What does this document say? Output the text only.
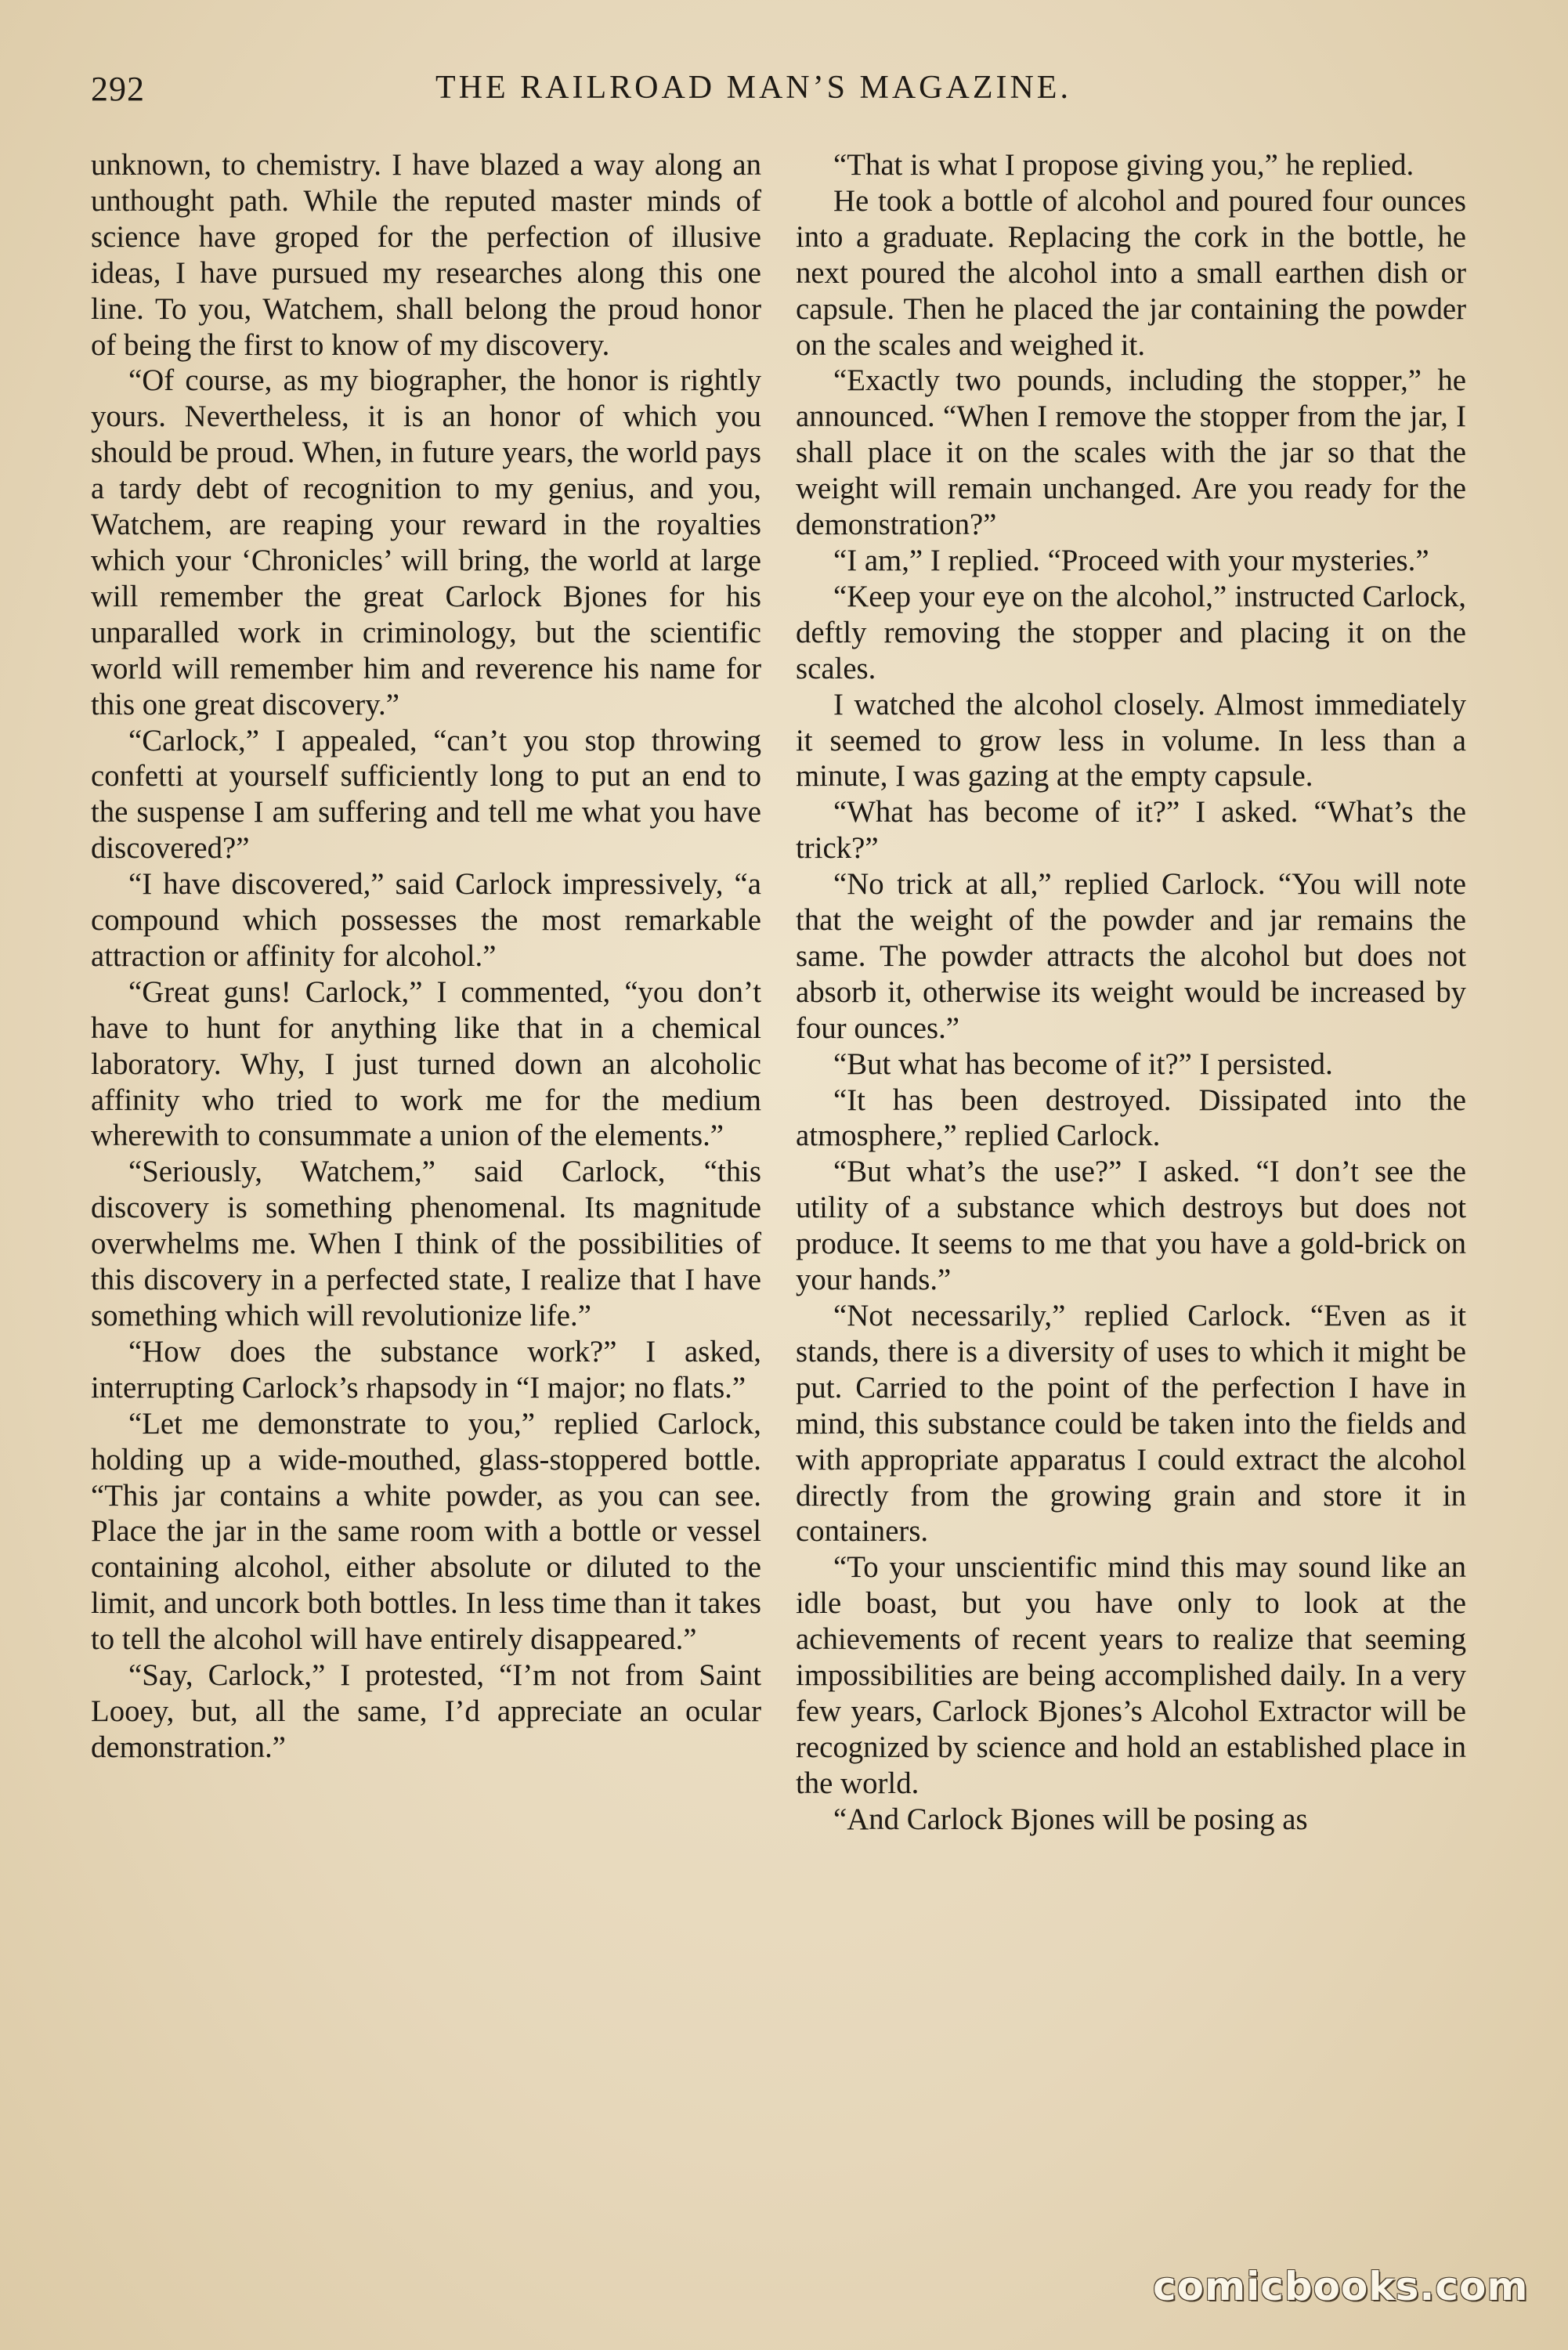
292	THE RAILROAD MAN’S MAGAZINE.

unknown, to chemistry. I have blazed a way along an unthought path. While the reputed master minds of science have groped for the perfection of illusive ideas, I have pursued my researches along this one line. To you, Watchem, shall belong the proud honor of being the first to know of my discovery.

“Of course, as my biographer, the honor is rightly yours. Nevertheless, it is an honor of which you should be proud. When, in future years, the world pays a tardy debt of recognition to my genius, and you, Watchem, are reaping your reward in the royalties which your ‘Chronicles’ will bring, the world at large will remember the great Carlock Bjones for his unparalled work in criminology, but the scientific world will remember him and reverence his name for this one great discovery.”

“Carlock,” I appealed, “can’t you stop throwing confetti at yourself sufficiently long to put an end to the suspense I am suffering and tell me what you have discovered?”

“I have discovered,” said Carlock impressively, “a compound which possesses the most remarkable attraction or affinity for alcohol.”

“Great guns! Carlock,” I commented, “you don’t have to hunt for anything like that in a chemical laboratory. Why, I just turned down an alcoholic affinity who tried to work me for the medium wherewith to consummate a union of the elements.”

“Seriously, Watchem,” said Carlock, “this discovery is something phenomenal. Its magnitude overwhelms me. When I think of the possibilities of this discovery in a perfected state, I realize that I have something which will revolutionize life.”

“How does the substance work?” I asked, interrupting Carlock’s rhapsody in “I major; no flats.”

“Let me demonstrate to you,” replied Carlock, holding up a wide-mouthed, glass-stoppered bottle. “This jar contains a white powder, as you can see. Place the jar in the same room with a bottle or vessel containing alcohol, either absolute or diluted to the limit, and uncork both bottles. In less time than it takes to tell the alcohol will have entirely disappeared.”

“Say, Carlock,” I protested, “I’m not from Saint Looey, but, all the same, I’d appreciate an ocular demonstration.”

“That is what I propose giving you,” he replied.

He took a bottle of alcohol and poured four ounces into a graduate. Replacing the cork in the bottle, he next poured the alcohol into a small earthen dish or capsule. Then he placed the jar containing the powder on the scales and weighed it.

“Exactly two pounds, including the stopper,” he announced. “When I remove the stopper from the jar, I shall place it on the scales with the jar so that the weight will remain unchanged. Are you ready for the demonstration?”

“I am,” I replied. “Proceed with your mysteries.”

“Keep your eye on the alcohol,” instructed Carlock, deftly removing the stopper and placing it on the scales.

I watched the alcohol closely. Almost immediately it seemed to grow less in volume. In less than a minute, I was gazing at the empty capsule.

“What has become of it?” I asked. “What’s the trick?”

“No trick at all,” replied Carlock. “You will note that the weight of the powder and jar remains the same. The powder attracts the alcohol but does not absorb it, otherwise its weight would be increased by four ounces.”

“But what has become of it?” I persisted.

“It has been destroyed. Dissipated into the atmosphere,” replied Carlock.

“But what’s the use?” I asked. “I don’t see the utility of a substance which destroys but does not produce. It seems to me that you have a gold-brick on your hands.”

“Not necessarily,” replied Carlock. “Even as it stands, there is a diversity of uses to which it might be put. Carried to the point of the perfection I have in mind, this substance could be taken into the fields and with appropriate apparatus I could extract the alcohol directly from the growing grain and store it in containers.

“To your unscientific mind this may sound like an idle boast, but you have only to look at the achievements of recent years to realize that seeming impossibilities are being accomplished daily. In a very few years, Carlock Bjones’s Alcohol Extractor will be recognized by science and hold an established place in the world.

“And Carlock Bjones will be posing as

comicbooks.com
